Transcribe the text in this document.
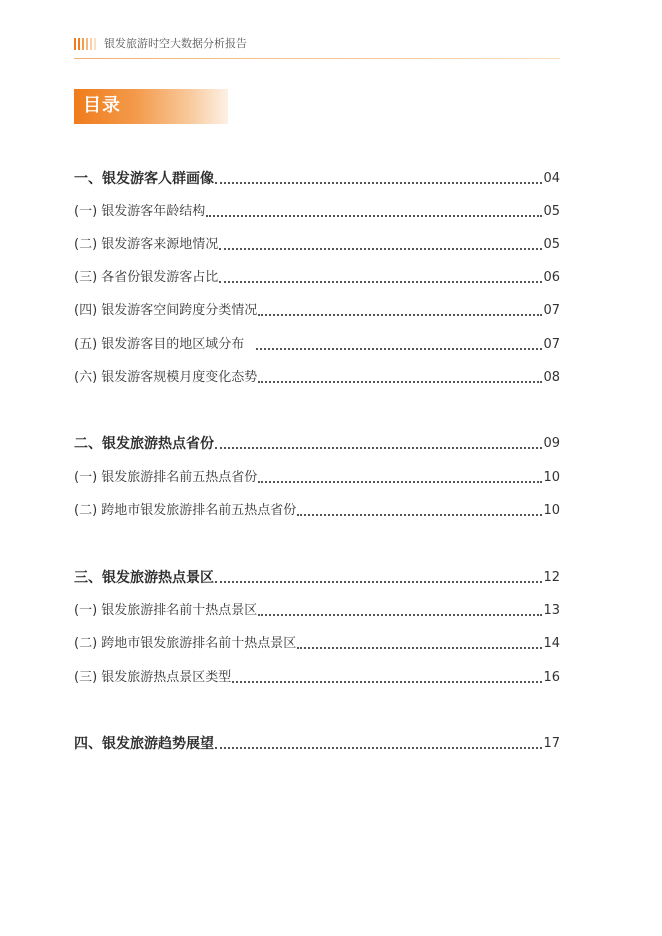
银发旅游时空大数据分析报告
目录
一、银发游客人群画像	04
(一) 银发游客年龄结构	05
(二) 银发游客来源地情况	05
(三) 各省份银发游客占比	06
(四) 银发游客空间跨度分类情况	07
(五) 银发游客目的地区域分布	07
(六) 银发游客规模月度变化态势	08
二、银发旅游热点省份	09
(一) 银发旅游排名前五热点省份	10
(二) 跨地市银发旅游排名前五热点省份	10
三、银发旅游热点景区	12
(一) 银发旅游排名前十热点景区	13
(二) 跨地市银发旅游排名前十热点景区	14
(三) 银发旅游热点景区类型	16
四、银发旅游趋势展望	17
